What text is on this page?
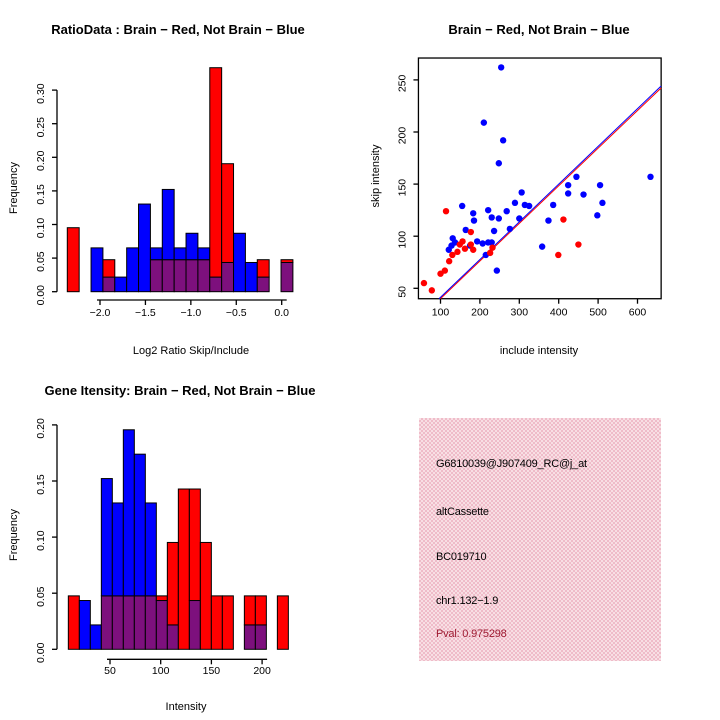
0.00
0.05
0.10
0.15
0.20
0.25
0.30
−2.0 −1.5 −1.0 −0.5	0.0	100 200 300 400 500 600
50
100
150
200
250
0.00
0.05
0.10
0.15
0.20
50	100	150	200
RatioData : Brain − Red, Not Brain − Blue	Brain − Red, Not Brain − Blue
Gene Itensity: Brain − Red, Not Brain − Blue
Log2 Ratio Skip/Include	include intensity
Intensity
Frequency	skip intensity
Frequency
G6810039@J907409_RC@j_at
altCassette
BC019710
chr1.132−1.9
Pval: 0.975298
